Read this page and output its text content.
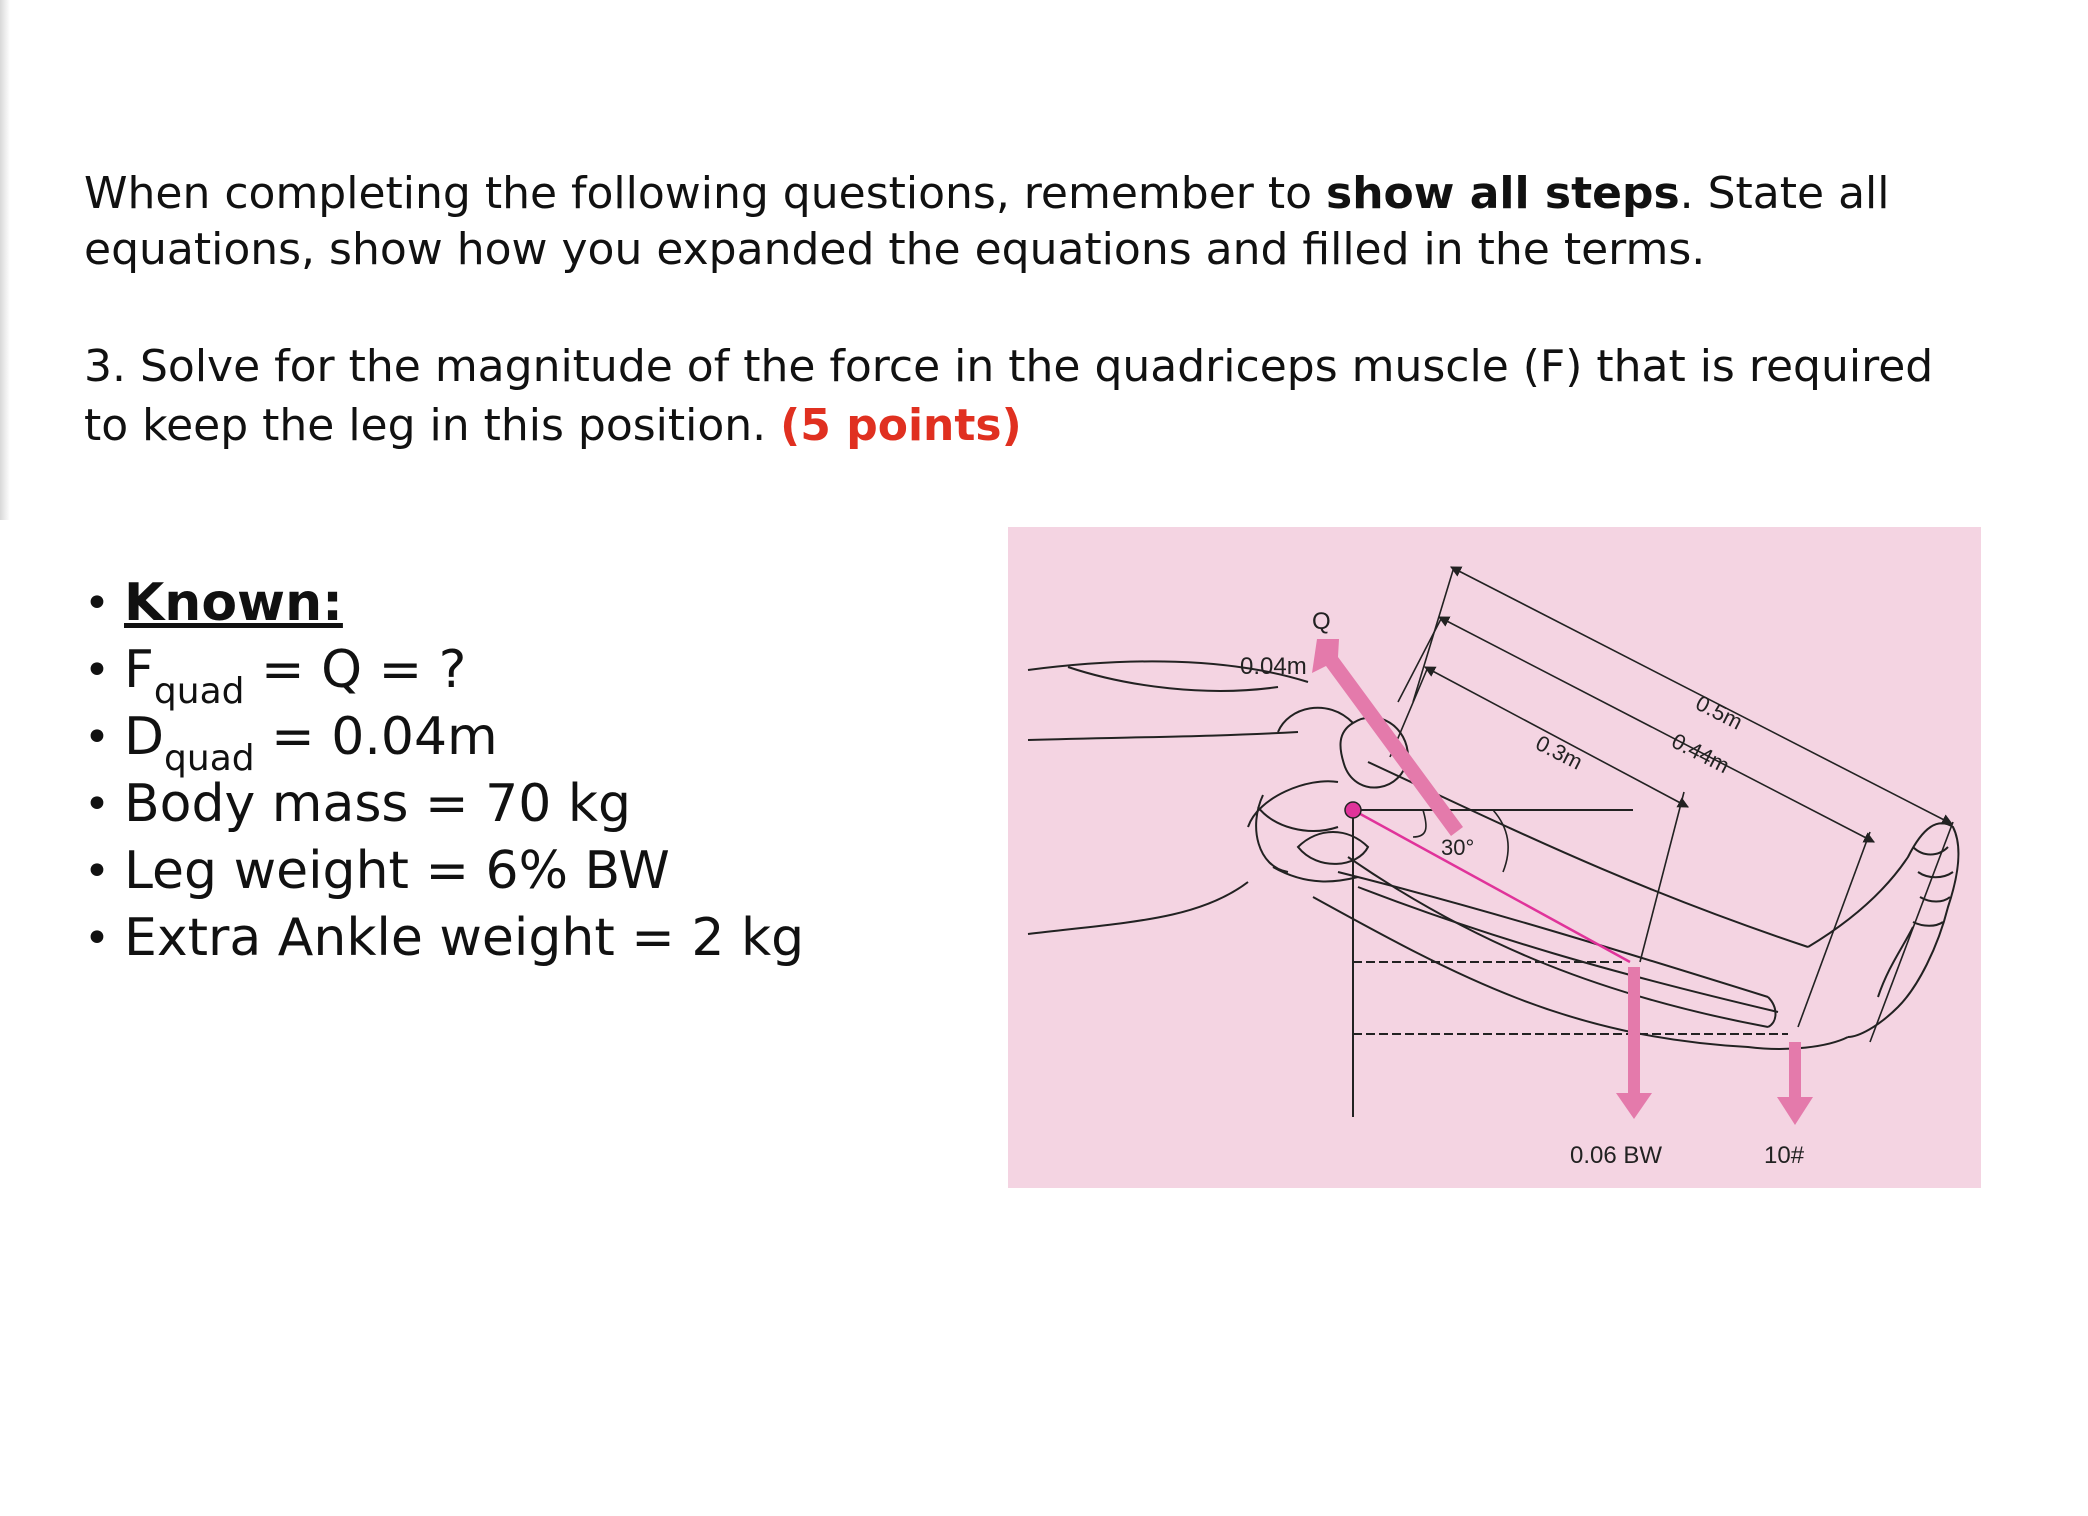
When completing the following questions, remember to show all steps. State all equations, show how you expanded the equations and filled in the terms.

3. Solve for the magnitude of the force in the quadriceps muscle (F) that is required to keep the leg in this position. (5 points)

• Known:
• $F_{quad} = Q$ = ?
• $D_{quad} = 0.04m$
• Body mass = 70 kg
• Leg weight = 6% BW
• Extra Ankle weight = 2 kg
Q
0.04m
0.5m
0.44m
0.3m
30°
0.06 BW	10#
